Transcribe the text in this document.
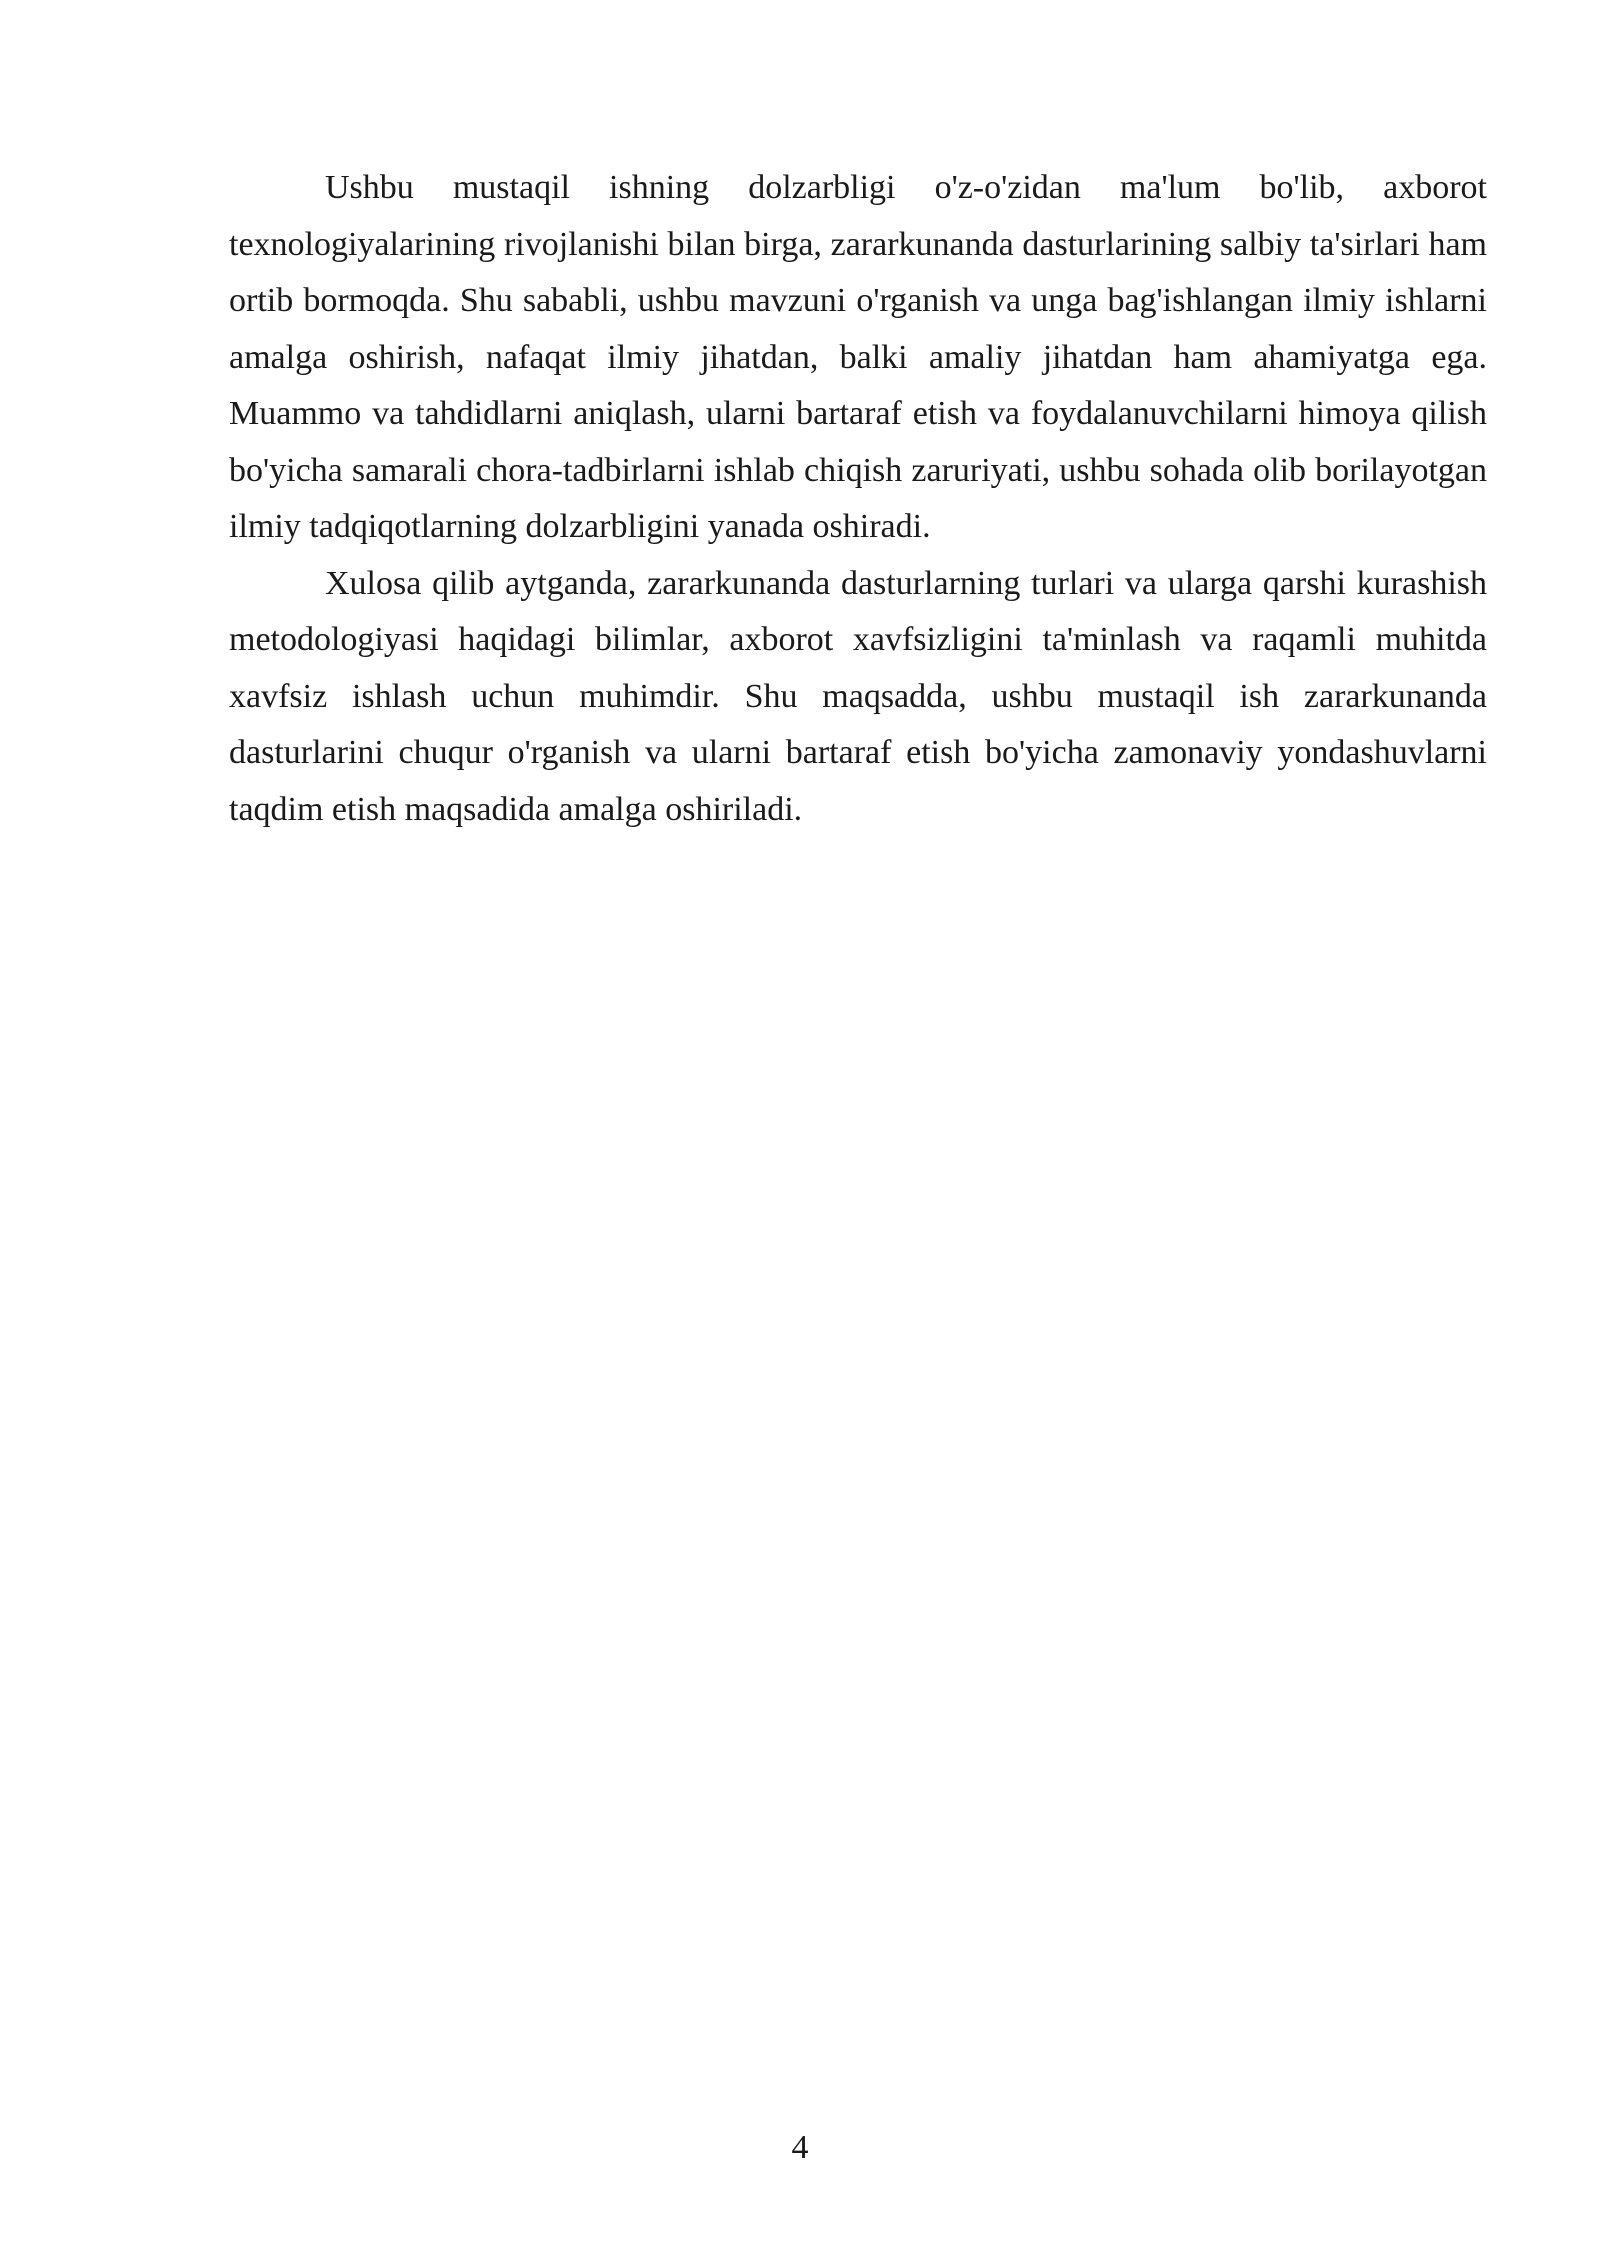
Ushbu mustaqil ishning dolzarbligi o'z-o'zidan ma'lum bo'lib, axborot texnologiyalarining rivojlanishi bilan birga, zararkunanda dasturlarining salbiy ta'sirlari ham ortib bormoqda. Shu sababli, ushbu mavzuni o'rganish va unga bag'ishlangan ilmiy ishlarni amalga oshirish, nafaqat ilmiy jihatdan, balki amaliy jihatdan ham ahamiyatga ega. Muammo va tahdidlarni aniqlash, ularni bartaraf etish va foydalanuvchilarni himoya qilish bo'yicha samarali chora-tadbirlarni ishlab chiqish zaruriyati, ushbu sohada olib borilayotgan ilmiy tadqiqotlarning dolzarbligini yanada oshiradi.

Xulosa qilib aytganda, zararkunanda dasturlarning turlari va ularga qarshi kurashish metodologiyasi haqidagi bilimlar, axborot xavfsizligini ta'minlash va raqamli muhitda xavfsiz ishlash uchun muhimdir. Shu maqsadda, ushbu mustaqil ish zararkunanda dasturlarini chuqur o'rganish va ularni bartaraf etish bo'yicha zamonaviy yondashuvlarni taqdim etish maqsadida amalga oshiriladi.

4
